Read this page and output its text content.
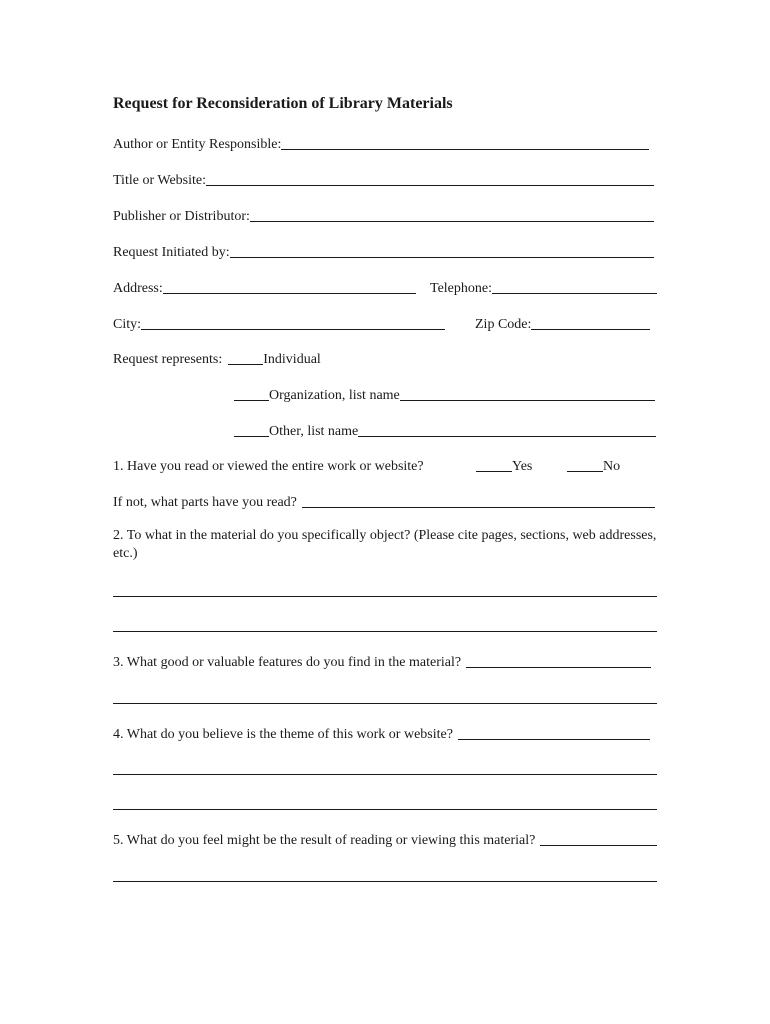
Request for Reconsideration of Library Materials
Author or Entity Responsible:
Title or Website:
Publisher or Distributor:
Request Initiated by:
Address:	Telephone:
City:	Zip Code:
Request represents:	Individual
Organization, list name
Other, list name
1. Have you read or viewed the entire work or website?	Yes	No
If not, what parts have you read?
2. To what in the material do you specifically object? (Please cite pages, sections, web addresses, etc.)
3. What good or valuable features do you find in the material?
4. What do you believe is the theme of this work or website?
5. What do you feel might be the result of reading or viewing this material?
